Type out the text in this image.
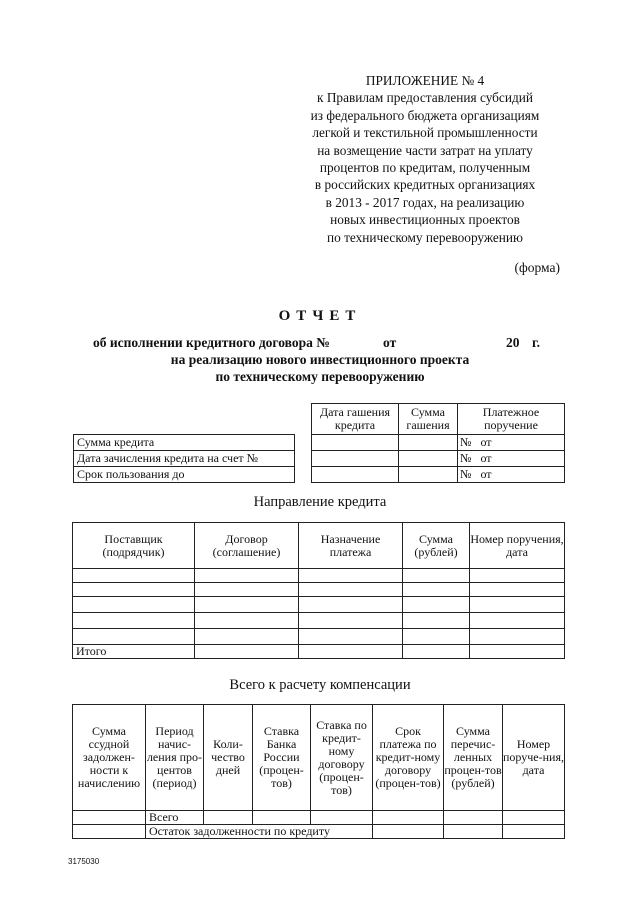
ПРИЛОЖЕНИЕ № 4
к Правилам предоставления субсидий
из федерального бюджета организациям
легкой и текстильной промышленности
на возмещение части затрат на уплату
процентов по кредитам, полученным
в российских кредитных организациях
в 2013 - 2017 годах, на реализацию
новых инвестиционных проектов
по техническому перевооружению
(форма)
ОТЧЕТ
об исполнении кредитного договора №	от	20 г.
на реализацию нового инвестиционного проекта
по техническому перевооружению
Сумма кредита
Дата зачисления кредита на счет №
Срок пользования до
Дата гашения кредита	Сумма гашения	Платежное поручение
		№ от
		№ от
		№ от
Направление кредита
Поставщик (подрядчик)	Договор (соглашение)	Назначение платежа	Сумма (рублей)	Номер поручения, дата

Итого				
Всего к расчету компенсации
Сумма ссудной задолжен-ности к начислению	Период начис-ления про-центов (период)	Коли-чество дней	Ставка Банка России (процен-тов)	Ставка по кредит-ному договору (процен-тов)	Срок платежа по кредит-ному договору (процен-тов)	Сумма перечис-ленных процен-тов (рублей)	Номер поруче-ния, дата
	Всего						
	Остаток задолженности по кредиту						
3175030
